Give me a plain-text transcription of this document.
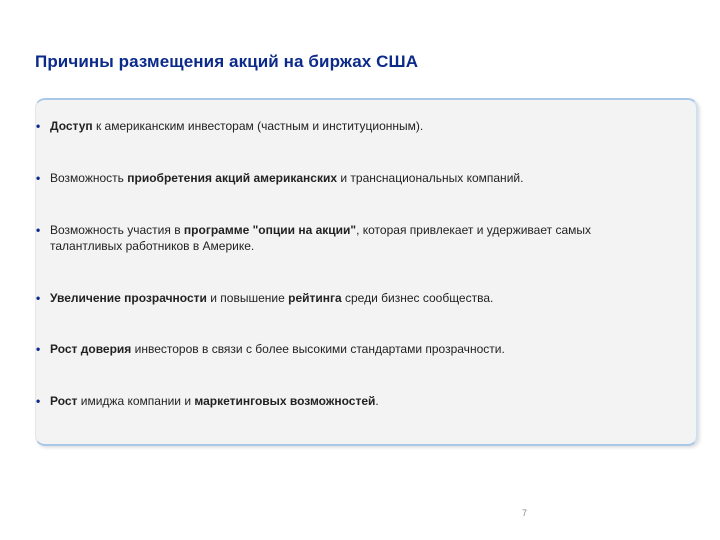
Причины размещения акций на биржах США
• Доступ к американским инвесторам (частным и институционным).
• Возможность приобретения акций американских и транснациональных компаний.
• Возможность участия в программе "опции на акции", которая привлекает и удерживает самых талантливых работников в Америке.
• Увеличение прозрачности и повышение рейтинга среди бизнес сообщества.
• Рост доверия инвесторов в связи с более высокими стандартами прозрачности.
• Рост имиджа компании и маркетинговых возможностей.
7
